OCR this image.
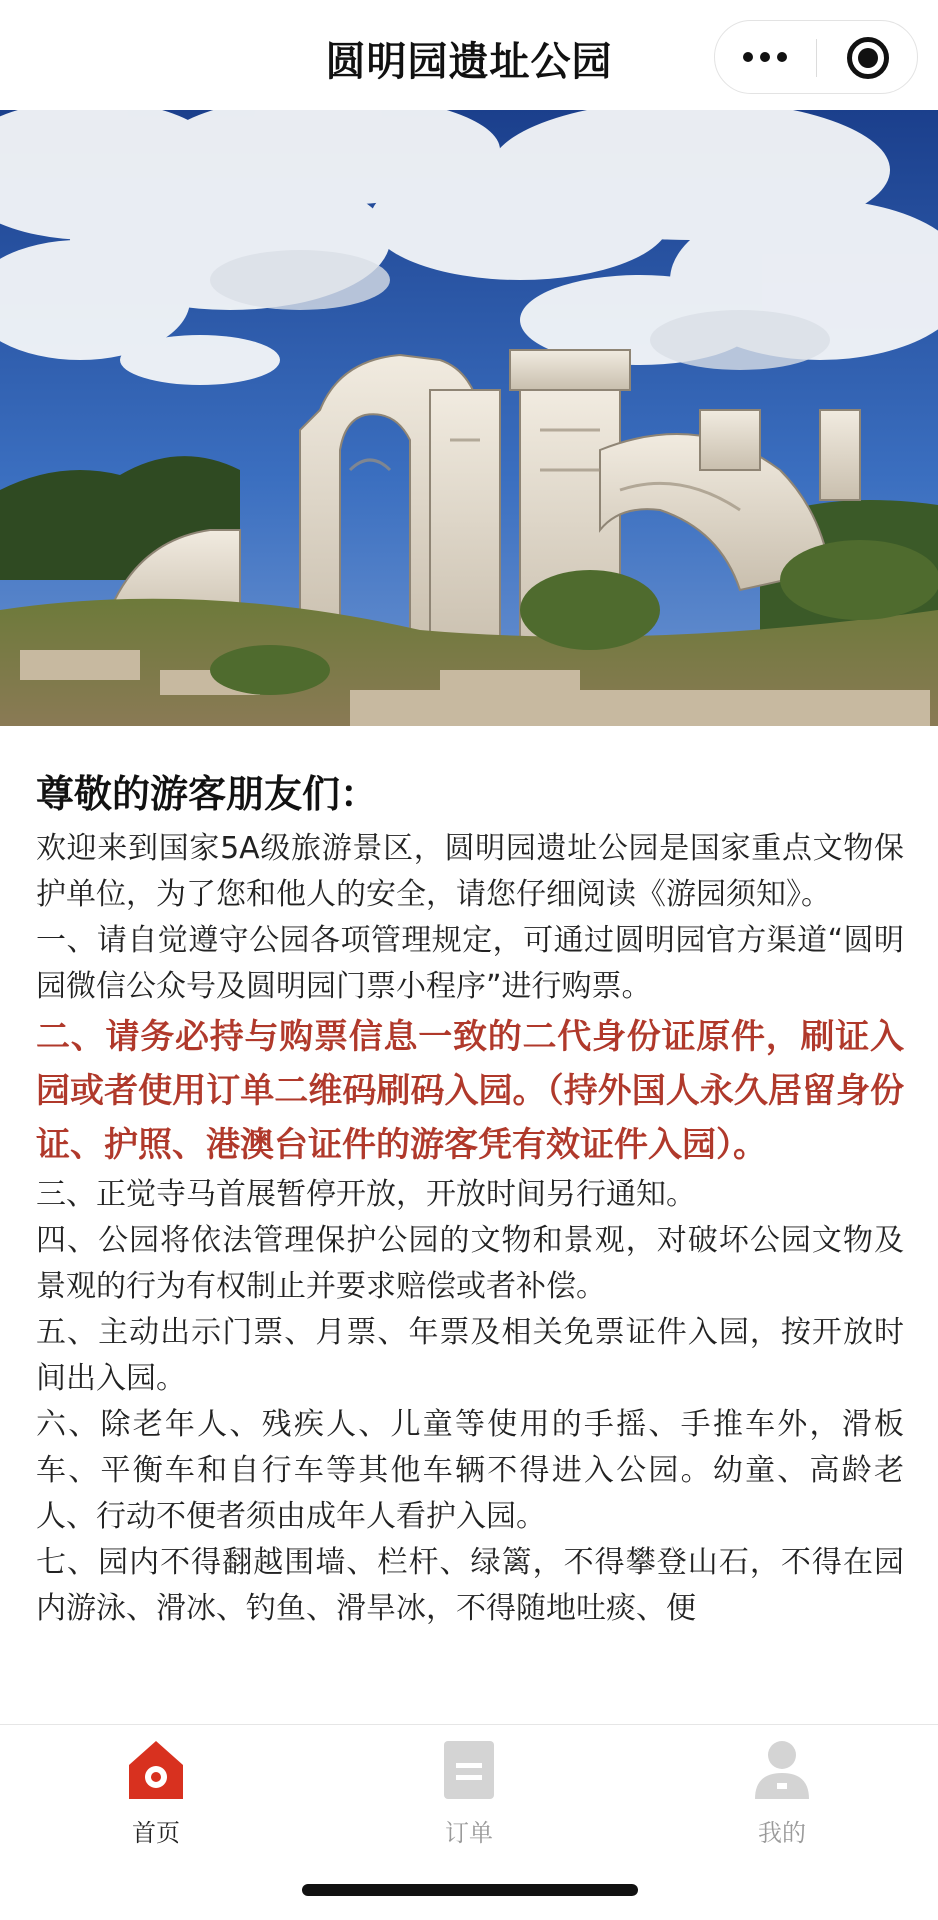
圆明园遗址公园

尊敬的游客朋友们：

欢迎来到国家5A级旅游景区，圆明园遗址公园是国家重点文物保护单位，为了您和他人的安全，请您仔细阅读《游园须知》。

一、请自觉遵守公园各项管理规定，可通过圆明园官方渠道“圆明园微信公众号及圆明园门票小程序”进行购票。

二、请务必持与购票信息一致的二代身份证原件，刷证入园或者使用订单二维码刷码入园。（持外国人永久居留身份证、护照、港澳台证件的游客凭有效证件入园）。

三、正觉寺马首展暂停开放，开放时间另行通知。

四、公园将依法管理保护公园的文物和景观，对破坏公园文物及景观的行为有权制止并要求赔偿或者补偿。

五、主动出示门票、月票、年票及相关免票证件入园，按开放时间出入园。

六、除老年人、残疾人、儿童等使用的手摇、手推车外，滑板车、平衡车和自行车等其他车辆不得进入公园。幼童、高龄老人、行动不便者须由成年人看护入园。

七、园内不得翻越围墙、栏杆、绿篱，不得攀登山石，不得在园内游泳、滑冰、钓鱼、滑旱冰，不得随地吐痰、便

首页	订单	我的
